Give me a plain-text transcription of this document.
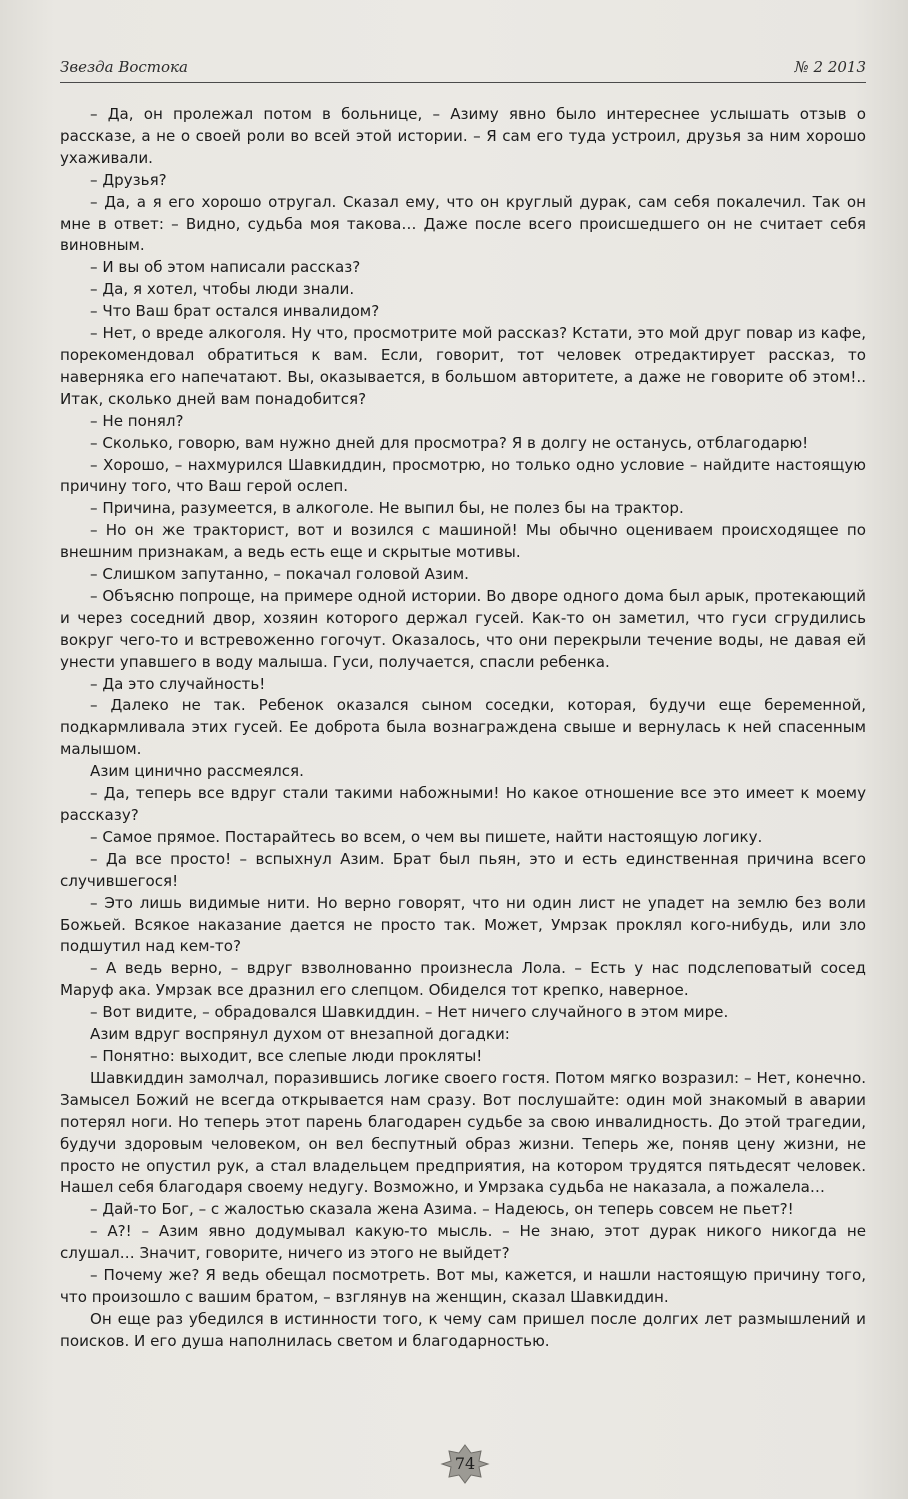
Звезда Востока	№ 2 2013

– Да, он пролежал потом в больнице, – Азиму явно было интереснее услышать отзыв о рассказе, а не о своей роли во всей этой истории. – Я сам его туда устроил, друзья за ним хорошо ухаживали.

– Друзья?

– Да, а я его хорошо отругал. Сказал ему, что он круглый дурак, сам себя покалечил. Так он мне в ответ: – Видно, судьба моя такова… Даже после всего происшедшего он не считает себя виновным.

– И вы об этом написали рассказ?

– Да, я хотел, чтобы люди знали.

– Что Ваш брат остался инвалидом?

– Нет, о вреде алкоголя. Ну что, просмотрите мой рассказ? Кстати, это мой друг повар из кафе, порекомендовал обратиться к вам. Если, говорит, тот человек отредактирует рассказ, то наверняка его напечатают. Вы, оказывается, в большом авторитете, а даже не говорите об этом!.. Итак, сколько дней вам понадобится?

– Не понял?

– Сколько, говорю, вам нужно дней для просмотра? Я в долгу не останусь, отблагодарю!

– Хорошо, – нахмурился Шавкиддин, просмотрю, но только одно условие – найдите настоящую причину того, что Ваш герой ослеп.

– Причина, разумеется, в алкоголе. Не выпил бы, не полез бы на трактор.

– Но он же тракторист, вот и возился с машиной! Мы обычно оцениваем происходящее по внешним признакам, а ведь есть еще и скрытые мотивы.

– Слишком запутанно, – покачал головой Азим.

– Объясню попроще, на примере одной истории. Во дворе одного дома был арык, протекающий и через соседний двор, хозяин которого держал гусей. Как-то он заметил, что гуси сгрудились вокруг чего-то и встревоженно гогочут. Оказалось, что они перекрыли течение воды, не давая ей унести упавшего в воду малыша. Гуси, получается, спасли ребенка.

– Да это случайность!

– Далеко не так. Ребенок оказался сыном соседки, которая, будучи еще беременной, подкармливала этих гусей. Ее доброта была вознаграждена свыше и вернулась к ней спасенным малышом.

Азим цинично рассмеялся.

– Да, теперь все вдруг стали такими набожными! Но какое отношение все это имеет к моему рассказу?

– Самое прямое. Постарайтесь во всем, о чем вы пишете, найти настоящую логику.

– Да все просто! – вспыхнул Азим. Брат был пьян, это и есть единственная причина всего случившегося!

– Это лишь видимые нити. Но верно говорят, что ни один лист не упадет на землю без воли Божьей. Всякое наказание дается не просто так. Может, Умрзак проклял кого-нибудь, или зло подшутил над кем-то?

– А ведь верно, – вдруг взволнованно произнесла Лола. – Есть у нас подслеповатый сосед Маруф ака. Умрзак все дразнил его слепцом. Обиделся тот крепко, наверное.

– Вот видите, – обрадовался Шавкиддин. – Нет ничего случайного в этом мире.

Азим вдруг воспрянул духом от внезапной догадки:

– Понятно: выходит, все слепые люди прокляты!

Шавкиддин замолчал, поразившись логике своего гостя. Потом мягко возразил: – Нет, конечно. Замысел Божий не всегда открывается нам сразу. Вот послушайте: один мой знакомый в аварии потерял ноги. Но теперь этот парень благодарен судьбе за свою инвалидность. До этой трагедии, будучи здоровым человеком, он вел беспутный образ жизни. Теперь же, поняв цену жизни, не просто не опустил рук, а стал владельцем предприятия, на котором трудятся пятьдесят человек. Нашел себя благодаря своему недугу. Возможно, и Умрзака судьба не наказала, а пожалела…

– Дай-то Бог, – с жалостью сказала жена Азима. – Надеюсь, он теперь совсем не пьет?!

– А?! – Азим явно додумывал какую-то мысль. – Не знаю, этот дурак никого никогда не слушал… Значит, говорите, ничего из этого не выйдет?

– Почему же? Я ведь обещал посмотреть. Вот мы, кажется, и нашли настоящую причину того, что произошло с вашим братом, – взглянув на женщин, сказал Шавкиддин.

Он еще раз убедился в истинности того, к чему сам пришел после долгих лет размышлений и поисков. И его душа наполнилась светом и благодарностью.

74
